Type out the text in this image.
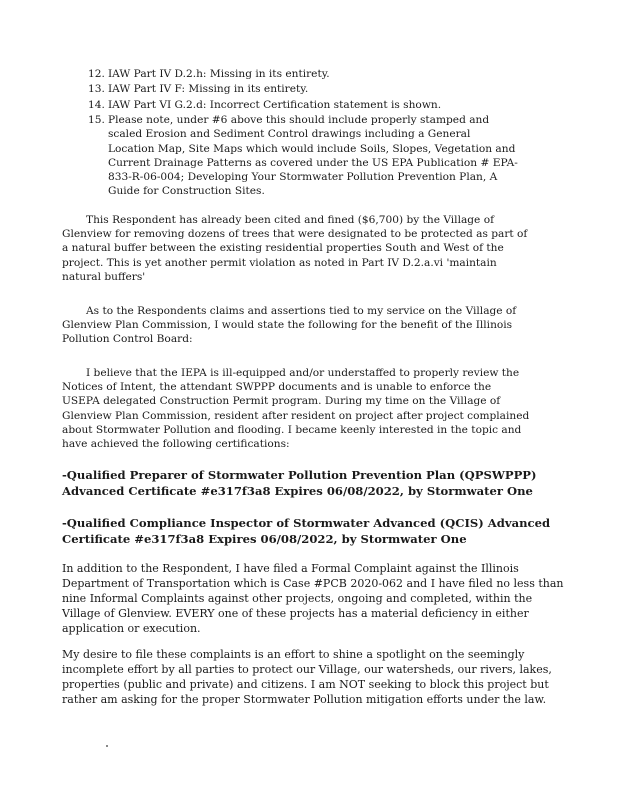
12. IAW Part IV D.2.h: Missing in its entirety.
13. IAW Part IV F: Missing in its entirety.
14. IAW Part VI G.2.d: Incorrect Certification statement is shown.
15. Please note, under #6 above this should include properly stamped and scaled Erosion and Sediment Control drawings including a General Location Map, Site Maps which would include Soils, Slopes, Vegetation and Current Drainage Patterns as covered under the US EPA Publication # EPA-833-R-06-004; Developing Your Stormwater Pollution Prevention Plan, A Guide for Construction Sites.

This Respondent has already been cited and fined ($6,700) by the Village of Glenview for removing dozens of trees that were designated to be protected as part of a natural buffer between the existing residential properties South and West of the project. This is yet another permit violation as noted in Part IV D.2.a.vi 'maintain natural buffers'

As to the Respondents claims and assertions tied to my service on the Village of Glenview Plan Commission, I would state the following for the benefit of the Illinois Pollution Control Board:

I believe that the IEPA is ill-equipped and/or understaffed to properly review the Notices of Intent, the attendant SWPPP documents and is unable to enforce the USEPA delegated Construction Permit program. During my time on the Village of Glenview Plan Commission, resident after resident on project after project complained about Stormwater Pollution and flooding. I became keenly interested in the topic and have achieved the following certifications:

-Qualified Preparer of Stormwater Pollution Prevention Plan (QPSWPPP) Advanced Certificate #e317f3a8 Expires 06/08/2022, by Stormwater One

-Qualified Compliance Inspector of Stormwater Advanced (QCIS) Advanced Certificate #e317f3a8 Expires 06/08/2022, by Stormwater One

In addition to the Respondent, I have filed a Formal Complaint against the Illinois Department of Transportation which is Case #PCB 2020-062 and I have filed no less than nine Informal Complaints against other projects, ongoing and completed, within the Village of Glenview. EVERY one of these projects has a material deficiency in either application or execution.

My desire to file these complaints is an effort to shine a spotlight on the seemingly incomplete effort by all parties to protect our Village, our watersheds, our rivers, lakes, properties (public and private) and citizens. I am NOT seeking to block this project but rather am asking for the proper Stormwater Pollution mitigation efforts under the law.
